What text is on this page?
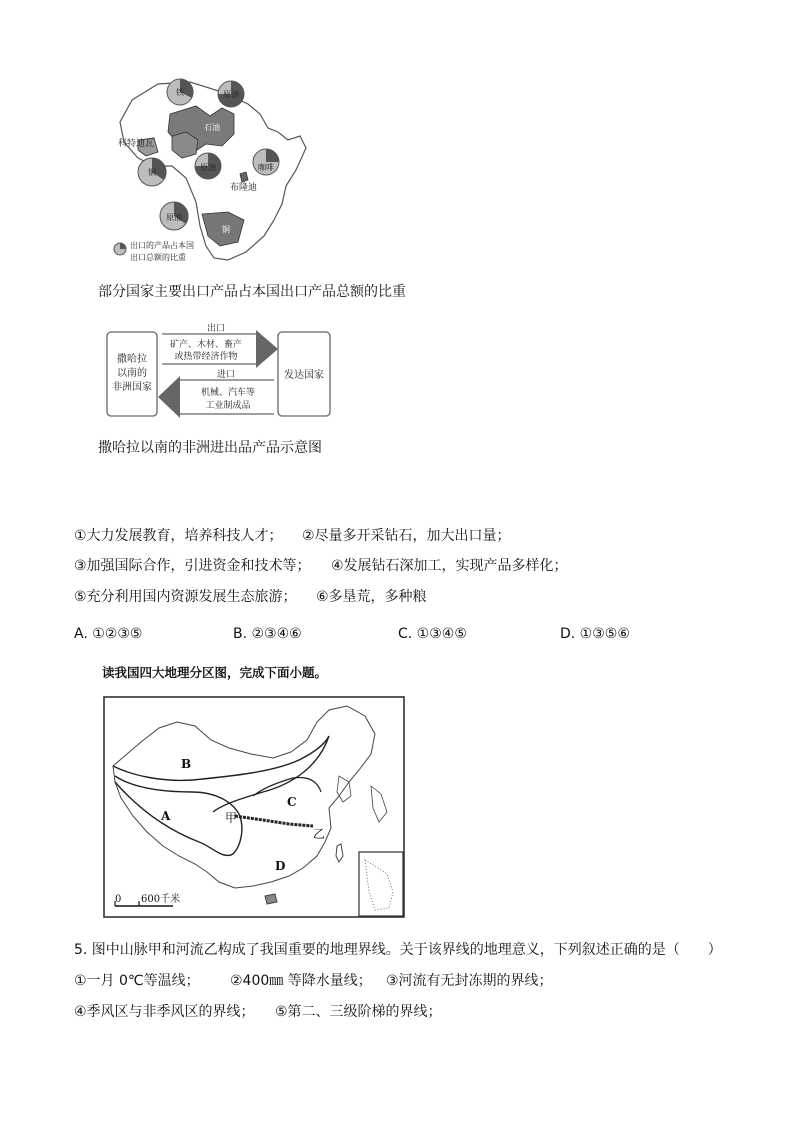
铁	原油
石油
原油	咖啡
铜
原油
铜
科特迪瓦
布隆迪
出口的产品占本国
出口总额的比重
部分国家主要出口产品占本国出口产品总额的比重
撒哈拉
以南的
非洲国家
发达国家
出口
矿产、木材、畜产
或热带经济作物
进口
机械、汽车等
工业制成品
撒哈拉以南的非洲进出品产品示意图
①大力发展教育，培养科技人才； ②尽量多开采钻石，加大出口量；
③加强国际合作，引进资金和技术等； ④发展钻石深加工，实现产品多样化；
⑤充分利用国内资源发展生态旅游； ⑥多垦荒，多种粮
A. ①②③⑤	B. ②③④⑥	C. ①③④⑤	D. ①③⑤⑥
读我国四大地理分区图，完成下面小题。
A
B
C
D
甲
乙
0 600千米
5. 图中山脉甲和河流乙构成了我国重要的地理界线。关于该界线的地理意义，下列叙述正确的是（　　）
①一月 0℃等温线； ②400㎜ 等降水量线； ③河流有无封冻期的界线；
④季风区与非季风区的界线； ⑤第二、三级阶梯的界线；
